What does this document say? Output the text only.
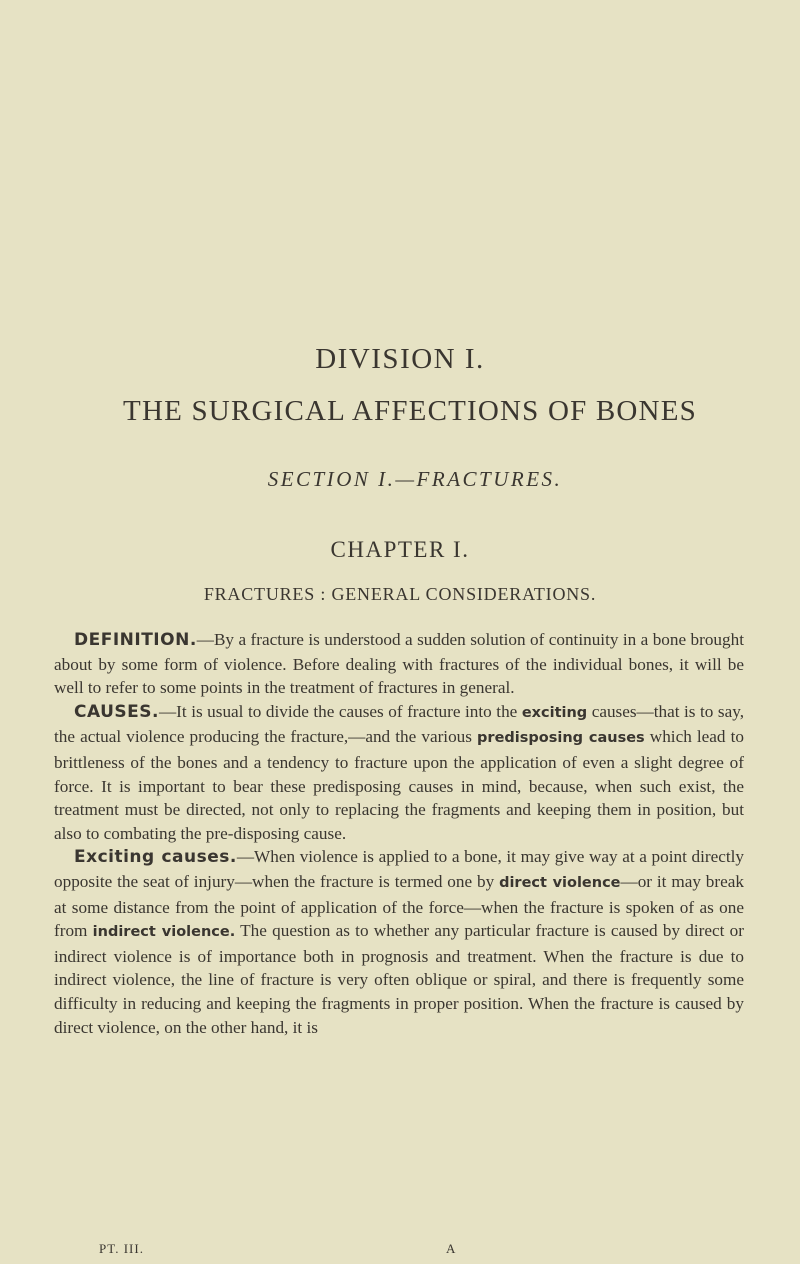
DIVISION I.
THE SURGICAL AFFECTIONS OF BONES
SECTION I.—FRACTURES.
CHAPTER I.
FRACTURES : GENERAL CONSIDERATIONS.

DEFINITION.—By a fracture is understood a sudden solution of continuity in a bone brought about by some form of violence. Before dealing with fractures of the individual bones, it will be well to refer to some points in the treatment of fractures in general.

CAUSES.—It is usual to divide the causes of fracture into the exciting causes—that is to say, the actual violence producing the fracture,—and the various predisposing causes which lead to brittleness of the bones and a tendency to fracture upon the application of even a slight degree of force. It is important to bear these predisposing causes in mind, because, when such exist, the treatment must be directed, not only to replacing the fragments and keeping them in position, but also to combating the pre-disposing cause.

Exciting causes.—When violence is applied to a bone, it may give way at a point directly opposite the seat of injury—when the fracture is termed one by direct violence—or it may break at some distance from the point of application of the force—when the fracture is spoken of as one from indirect violence. The question as to whether any particular fracture is caused by direct or indirect violence is of importance both in prognosis and treatment. When the fracture is due to indirect violence, the line of fracture is very often oblique or spiral, and there is frequently some difficulty in reducing and keeping the fragments in proper position. When the fracture is caused by direct violence, on the other hand, it is

PT. III.	A
